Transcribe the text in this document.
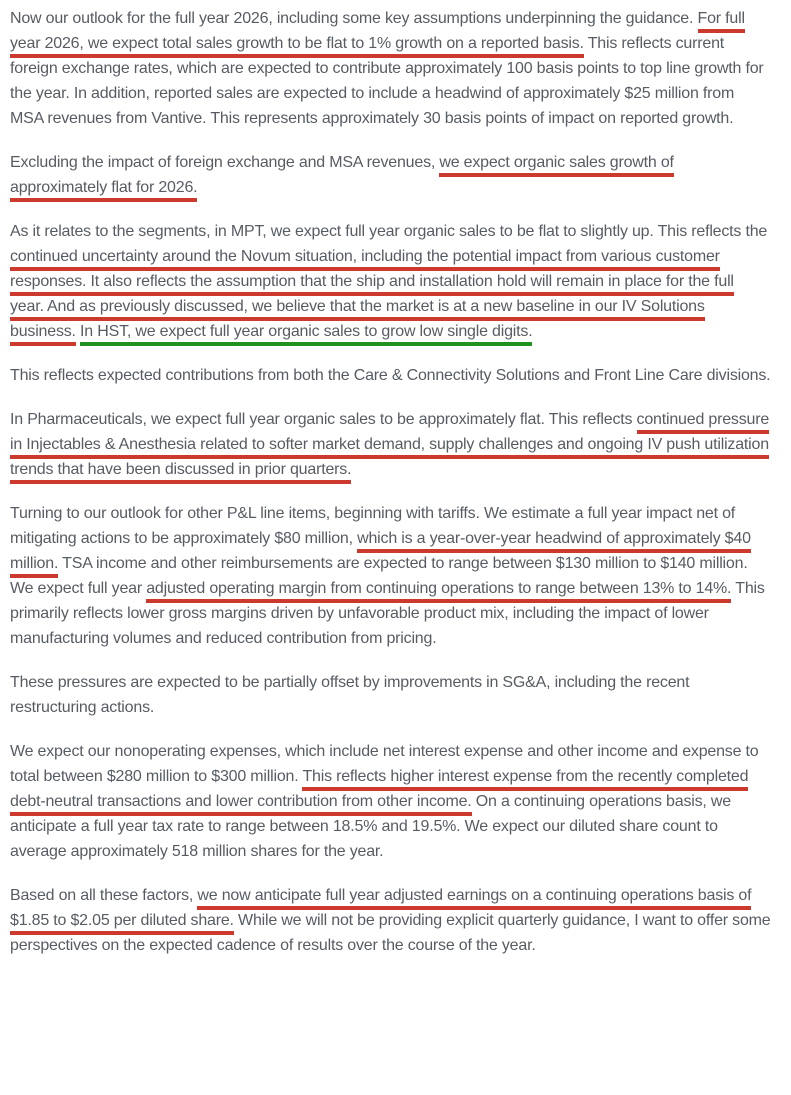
Now our outlook for the full year 2026, including some key assumptions underpinning the guidance. For full year 2026, we expect total sales growth to be flat to 1% growth on a reported basis. This reflects current foreign exchange rates, which are expected to contribute approximately 100 basis points to top line growth for the year. In addition, reported sales are expected to include a headwind of approximately $25 million from MSA revenues from Vantive. This represents approximately 30 basis points of impact on reported growth.

Excluding the impact of foreign exchange and MSA revenues, we expect organic sales growth of approximately flat for 2026.

As it relates to the segments, in MPT, we expect full year organic sales to be flat to slightly up. This reflects the continued uncertainty around the Novum situation, including the potential impact from various customer responses. It also reflects the assumption that the ship and installation hold will remain in place for the full year. And as previously discussed, we believe that the market is at a new baseline in our IV Solutions business. In HST, we expect full year organic sales to grow low single digits.

This reflects expected contributions from both the Care & Connectivity Solutions and Front Line Care divisions.

In Pharmaceuticals, we expect full year organic sales to be approximately flat. This reflects continued pressure in Injectables & Anesthesia related to softer market demand, supply challenges and ongoing IV push utilization trends that have been discussed in prior quarters.

Turning to our outlook for other P&L line items, beginning with tariffs. We estimate a full year impact net of mitigating actions to be approximately $80 million, which is a year-over-year headwind of approximately $40 million. TSA income and other reimbursements are expected to range between $130 million to $140 million. We expect full year adjusted operating margin from continuing operations to range between 13% to 14%. This primarily reflects lower gross margins driven by unfavorable product mix, including the impact of lower manufacturing volumes and reduced contribution from pricing.

These pressures are expected to be partially offset by improvements in SG&A, including the recent restructuring actions.

We expect our nonoperating expenses, which include net interest expense and other income and expense to total between $280 million to $300 million. This reflects higher interest expense from the recently completed debt-neutral transactions and lower contribution from other income. On a continuing operations basis, we anticipate a full year tax rate to range between 18.5% and 19.5%. We expect our diluted share count to average approximately 518 million shares for the year.

Based on all these factors, we now anticipate full year adjusted earnings on a continuing operations basis of $1.85 to $2.05 per diluted share. While we will not be providing explicit quarterly guidance, I want to offer some perspectives on the expected cadence of results over the course of the year.
